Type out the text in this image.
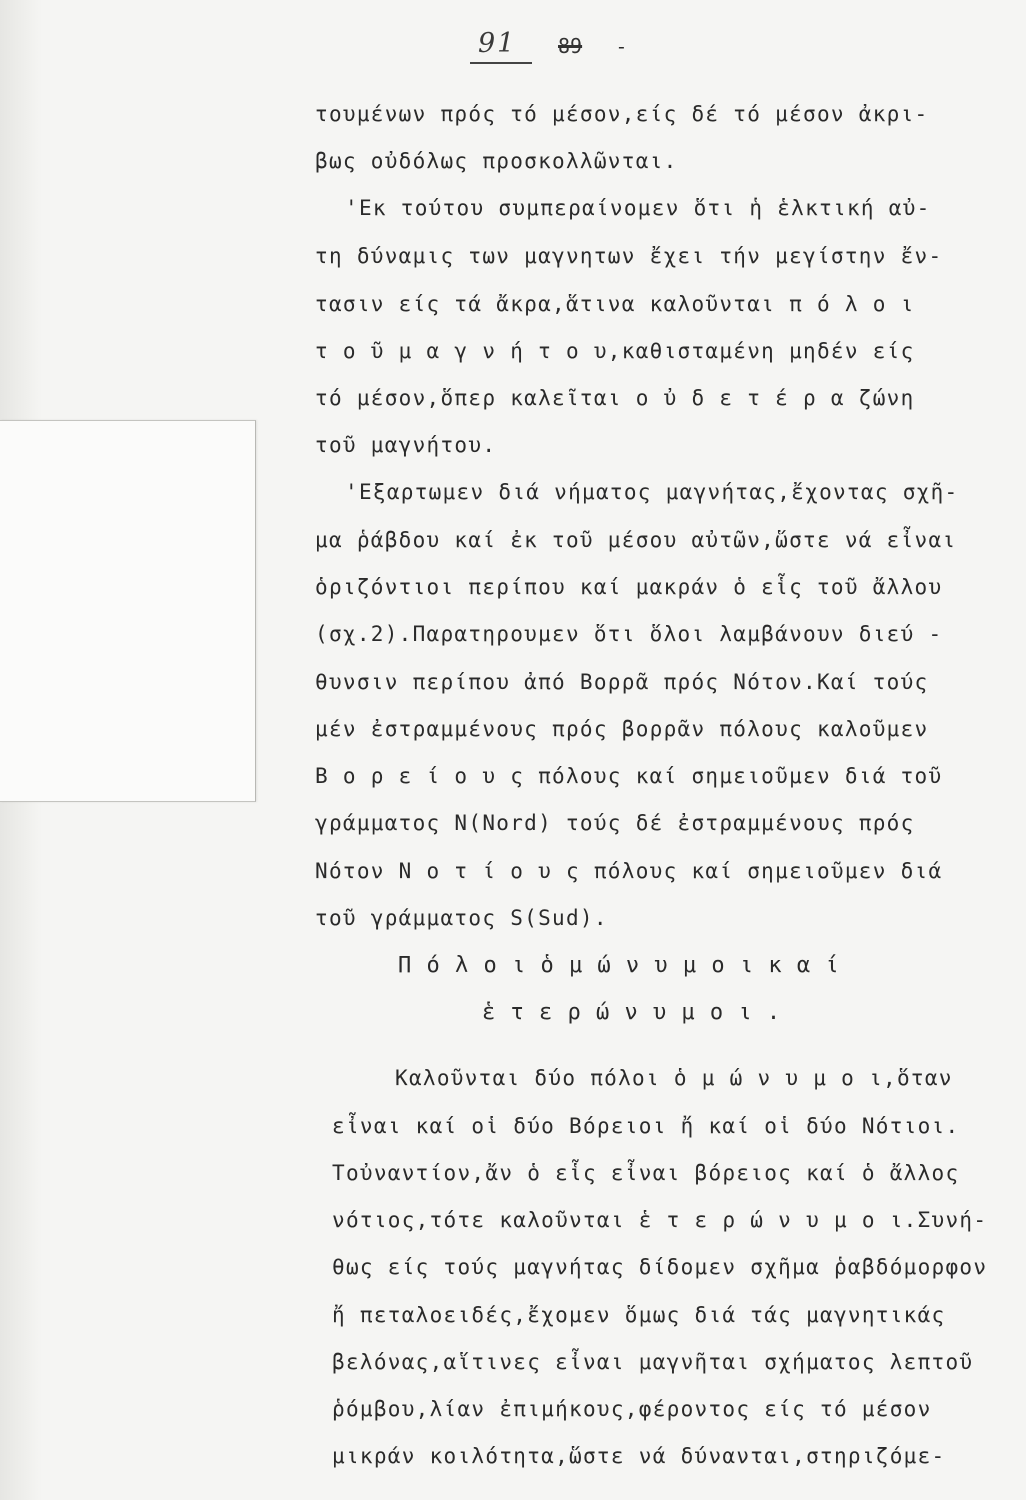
91 89 -
τουμένων πρός τό μέσον,είς δέ τό μέσον ἀκρι-
βως οὐδόλως προσκολλῶνται.
'Εκ τούτου συμπεραίνομεν ὅτι ἡ ἑλκτική αὐ-
τη δύναμις των μαγνητων ἔχει τήν μεγίστην ἔν-
τασιν είς τά ἄκρα,ἅτινα καλοῦνται π ό λ ο ι
τ ο ῦ μ α γ ν ή τ ο υ,καθισταμένη μηδέν είς
τό μέσον,ὅπερ καλεῖται ο ὐ δ ε τ έ ρ α ζώνη
τοῦ μαγνήτου.
'Εξαρτωμεν διά νήματος μαγνήτας,ἔχοντας σχῆ-
μα ῥάβδου καί ἐκ τοῦ μέσου αὐτῶν,ὥστε νά εἶναι
ὁριζόντιοι περίπου καί μακράν ὁ εἷς τοῦ ἄλλου
(σχ.2).Παρατηρουμεν ὅτι ὅλοι λαμβάνουν διεύ -
θυνσιν περίπου ἀπό Βορρᾶ πρός Νότον.Καί τούς
μέν ἐστραμμένους πρός βορρᾶν πόλους καλοῦμεν
Β ο ρ ε ί ο υ ς πόλους καί σημειοῦμεν διά τοῦ
γράμματος N(Nord) τούς δέ ἐστραμμένους πρός
Νότον Ν ο τ ί ο υ ς πόλους καί σημειοῦμεν διά
τοῦ γράμματος S(Sud).
Π ό λ ο ι ὁ μ ώ ν υ μ ο ι κ α ί
ἑ τ ε ρ ώ ν υ μ ο ι .
Καλοῦνται δύο πόλοι ὁ μ ώ ν υ μ ο ι,ὅταν
εἶναι καί οἱ δύο Βόρειοι ἤ καί οἱ δύο Νότιοι.
Τοὐναντίον,ἄν ὁ εἷς εἶναι βόρειος καί ὁ ἄλλος
νότιος,τότε καλοῦνται ἑ τ ε ρ ώ ν υ μ ο ι.Συνή-
θως είς τούς μαγνήτας δίδομεν σχῆμα ῥαβδόμορφον
ἤ πεταλοειδές,ἔχομεν ὅμως διά τάς μαγνητικάς
βελόνας,αἵτινες εἶναι μαγνῆται σχήματος λεπτοῦ
ῥόμβου,λίαν ἐπιμήκους,φέροντος είς τό μέσον
μικράν κοιλότητα,ὥστε νά δύνανται,στηριζόμε-
